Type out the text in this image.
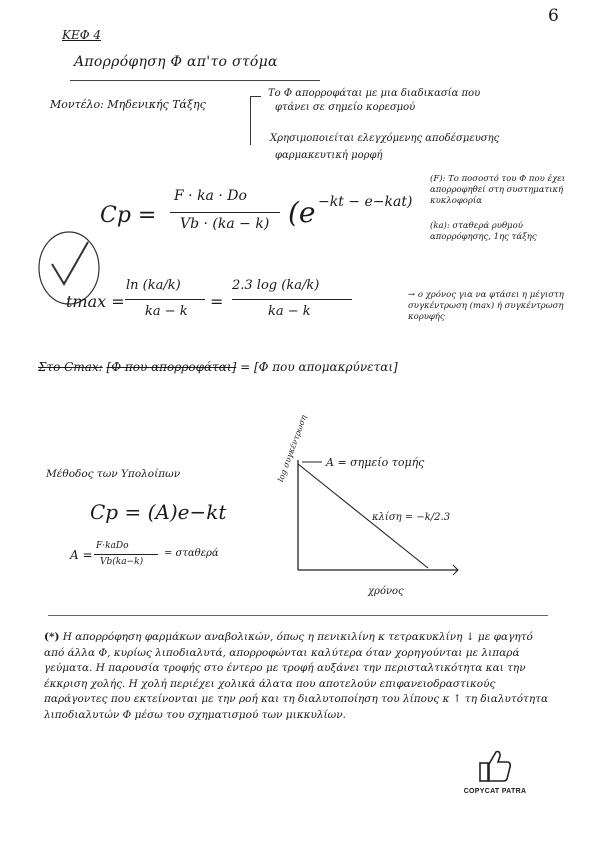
6
ΚΕΦ 4
Απορρόφηση Φ απ'το στόμα
Μοντέλο: Μηδενικής Τάξης
Το Φ απορροφάται με μια διαδικασία που
φτάνει σε σημείο κορεσμού
Χρησιμοποιείται ελεγχόμενης αποδέσμευσης
φαρμακευτική μορφή
Cp =
F · ka · Do
Vb · (ka − k) (e −kt − e−kat)
(F): Το ποσοστό του Φ που έχει απορροφηθεί στη συστηματική κυκλοφορία
(ka): σταθερά ρυθμού απορρόφησης, 1ης τάξης
tmax =
ln (ka/k)
ka − k
=
2.3 log (ka/k)
ka − k
→ ο χρόνος για να φτάσει η μέγιστη συγκέντρωση (max) ή συγκέντρωση κορυφής
Στο Cmax: [Φ που απορροφάται] = [Φ που απομακρύνεται]
Μέθοδος των Υπολοίπων
Cp = (A)e−kt
A =
F·kaDo
Vb(ka−k)
= σταθερά
A = σημείο τομής
κλίση = −k/2.3
χρόνος
log συγκέντρωση
(*) Η απορρόφηση φαρμάκων αναβολικών, όπως η πενικιλίνη κ τετρακυκλίνη ↓ με φαγητό από άλλα Φ, κυρίως λιποδιαλυτά, απορροφώνται καλύτερα όταν χορηγούνται με λιπαρά γεύματα. Η παρουσία τροφής στο έντερο με τροφή αυξάνει την περισταλτικότητα και την έκκριση χολής. Η χολή περιέχει χολικά άλατα που αποτελούν επιφανειοδραστικούς παράγοντες που εκτείνονται με την ροή και τη διαλυτοποίηση του λίπους κ ↑ τη διαλυτότητα λιποδιαλυτών Φ μέσω του σχηματισμού των μικκυλίων.
COPYCAT PATRA
